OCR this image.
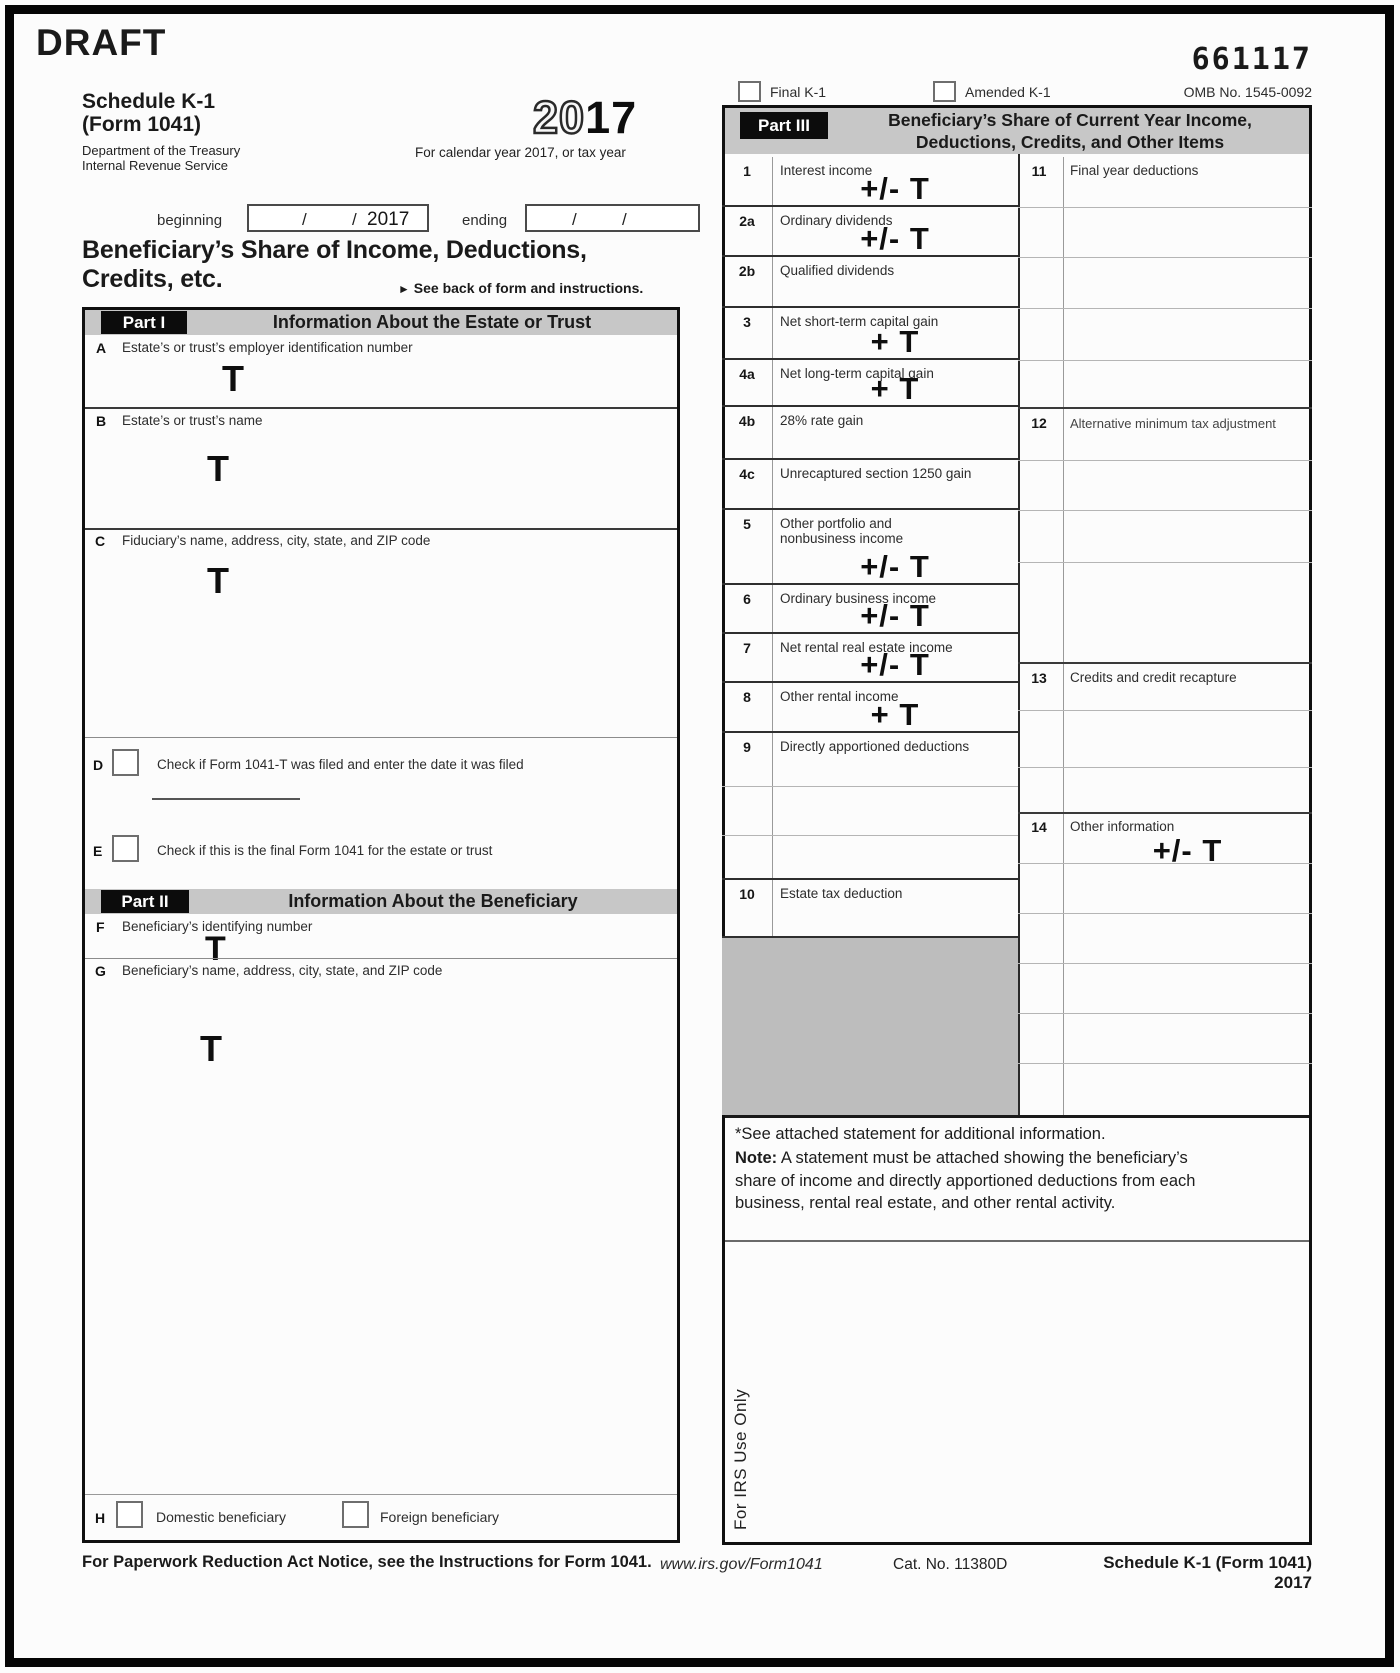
DRAFT	661117
Final K-1	Amended K-1	OMB No. 1545-0092
Schedule K-1
(Form 1041)
Department of the Treasury
Internal Revenue Service
2017
For calendar year 2017, or tax year
beginning	/	/ 2017	ending	/	/
Beneficiary’s Share of Income, Deductions,
Credits, etc.	► See back of form and instructions.
Part I	Information About the Estate or Trust
A Estate’s or trust’s employer identification number
T
B Estate’s or trust’s name
T
C Fiduciary’s name, address, city, state, and ZIP code
T
D	Check if Form 1041-T was filed and enter the date it was filed
E	Check if this is the final Form 1041 for the estate or trust
Part II	Information About the Beneficiary
F Beneficiary’s identifying number
T
G Beneficiary’s name, address, city, state, and ZIP code
T
H	Domestic beneficiary	Foreign beneficiary
Part III	Beneficiary’s Share of Current Year Income,
Deductions, Credits, and Other Items
1	Interest income
+/- T
2a	Ordinary dividends
+/- T
2b	Qualified dividends
3	Net short-term capital gain
+ T
4a	Net long-term capital gain
+ T
4b	28% rate gain
4c	Unrecaptured section 1250 gain
5	Other portfolio and nonbusiness income
+/- T
6	Ordinary business income
+/- T
7	Net rental real estate income
+/- T
8	Other rental income
+ T
9	Directly apportioned deductions
10	Estate tax deduction
11	Final year deductions
12	Alternative minimum tax adjustment
13	Credits and credit recapture
14	Other information
+/- T
*See attached statement for additional information.
Note: A statement must be attached showing the beneficiary’s share of income and directly apportioned deductions from each business, rental real estate, and other rental activity.
For IRS Use Only
For Paperwork Reduction Act Notice, see the Instructions for Form 1041. www.irs.gov/Form1041	Cat. No. 11380D	Schedule K-1 (Form 1041) 2017
